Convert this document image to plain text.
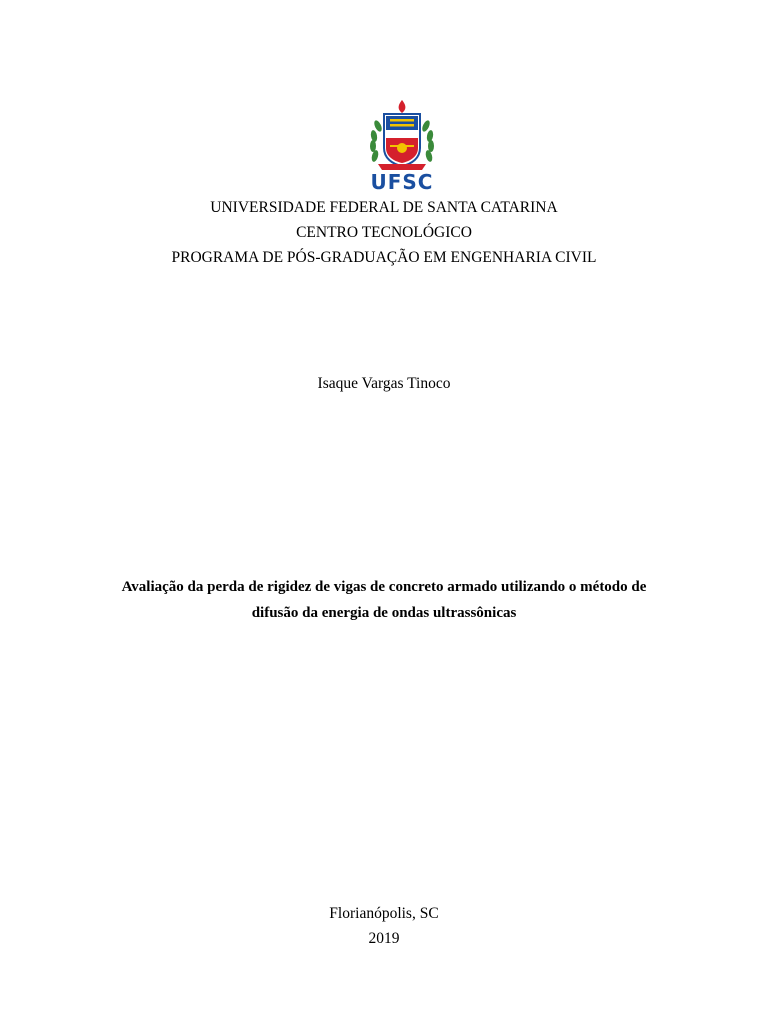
UFSC
UNIVERSIDADE FEDERAL DE SANTA CATARINA
CENTRO TECNOLÓGICO
PROGRAMA DE PÓS-GRADUAÇÃO EM ENGENHARIA CIVIL
Isaque Vargas Tinoco
Avaliação da perda de rigidez de vigas de concreto armado utilizando o método de
difusão da energia de ondas ultrassônicas
Florianópolis, SC
2019
